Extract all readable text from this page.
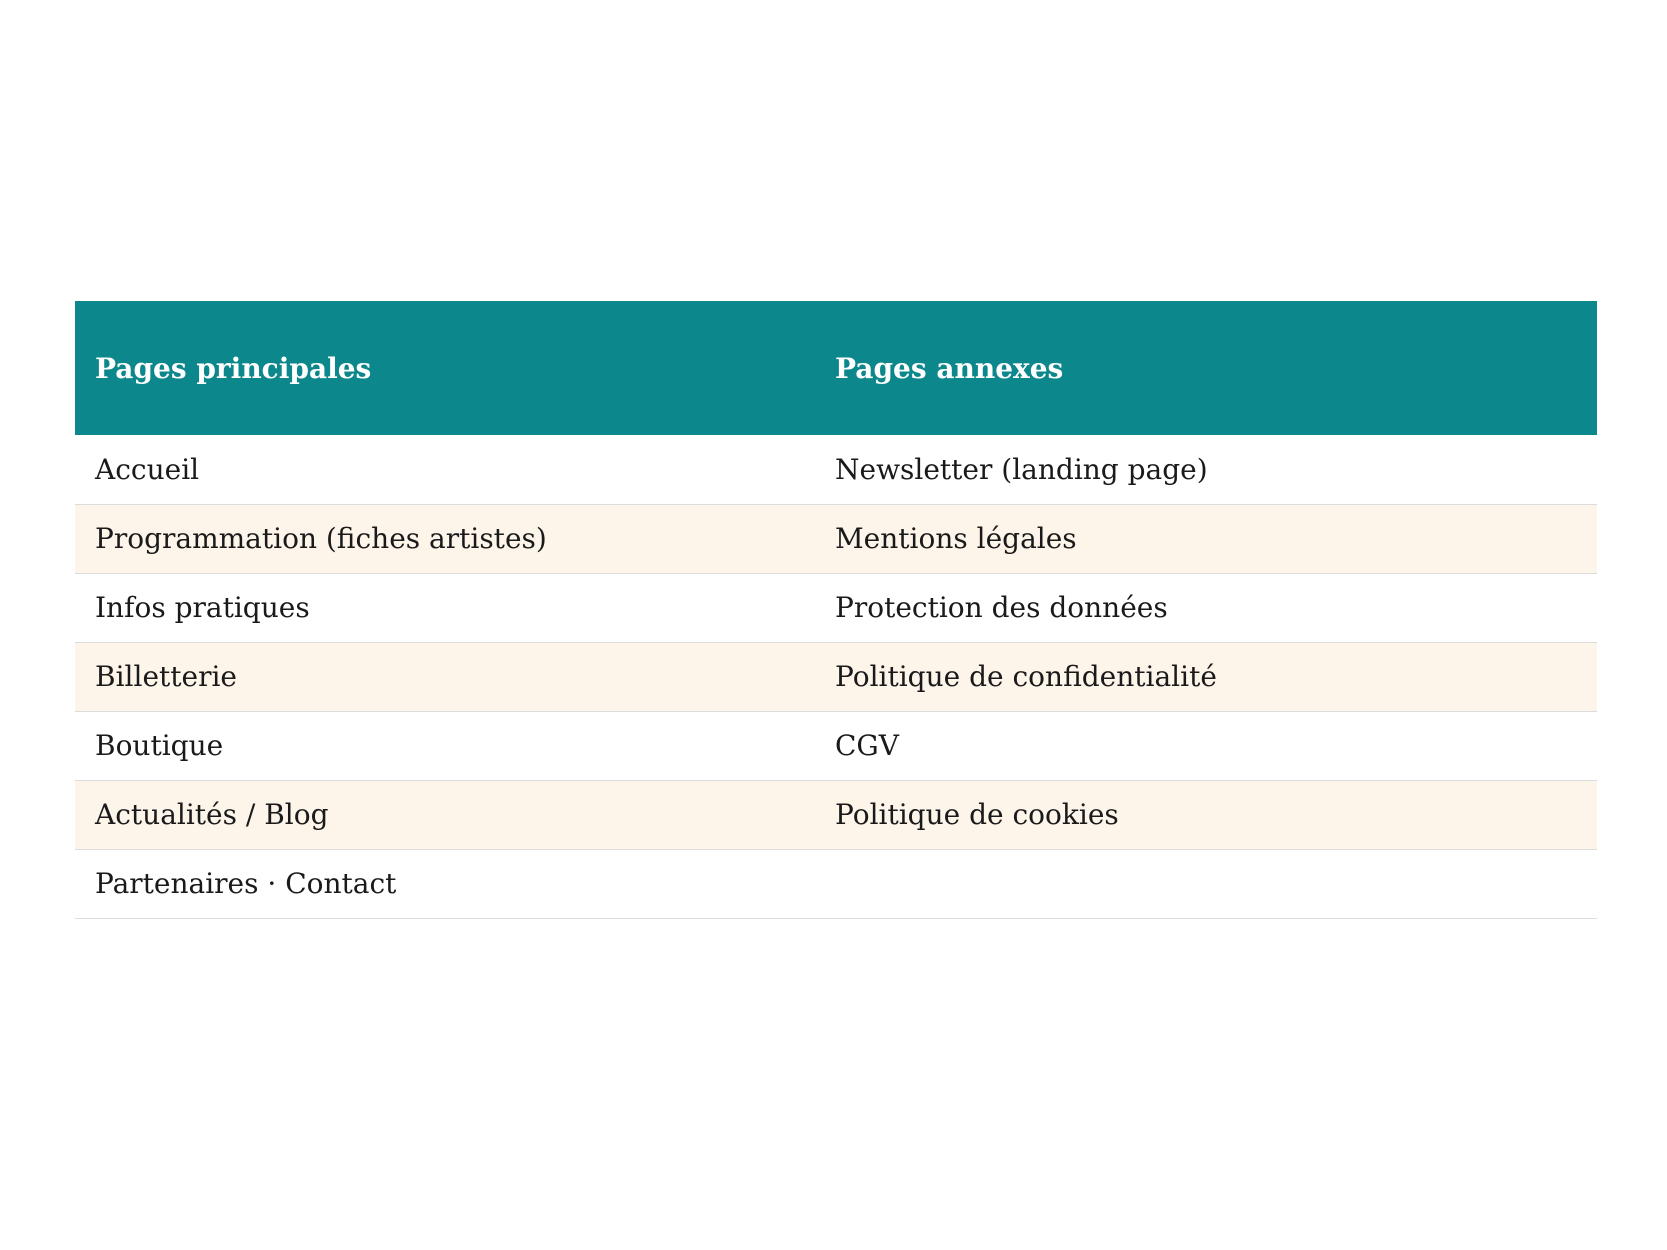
Pages principales	Pages annexes
Accueil	Newsletter (landing page)
Programmation (fiches artistes)	Mentions légales
Infos pratiques	Protection des données
Billetterie	Politique de confidentialité
Boutique	CGV
Actualités / Blog	Politique de cookies
Partenaires · Contact	
